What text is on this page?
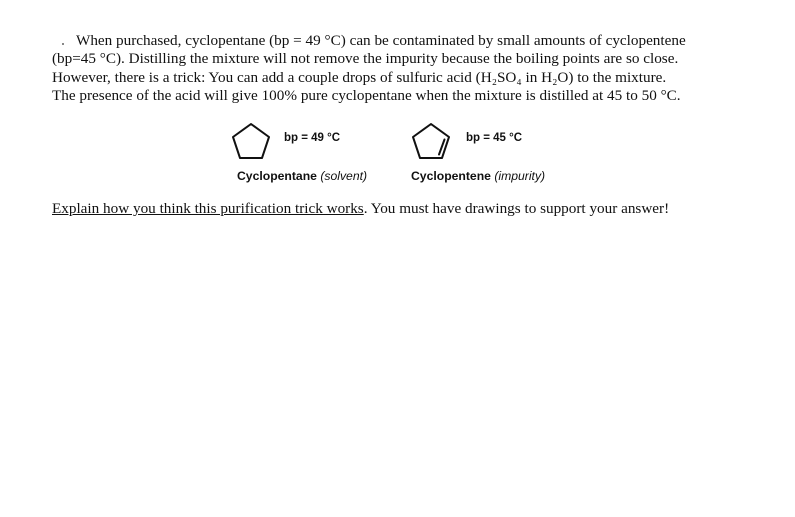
When purchased, cyclopentane (bp = 49 °C) can be contaminated by small amounts of cyclopentene
(bp=45 °C). Distilling the mixture will not remove the impurity because the boiling points are so close.
However, there is a trick: You can add a couple drops of sulfuric acid (H₂SO₄ in H₂O) to the mixture.
The presence of the acid will give 100% pure cyclopentane when the mixture is distilled at 45 to 50 °C.
bp = 49 °C	bp = 45 °C
Cyclopentane (solvent)	Cyclopentene (impurity)
Explain how you think this purification trick works. You must have drawings to support your answer!
